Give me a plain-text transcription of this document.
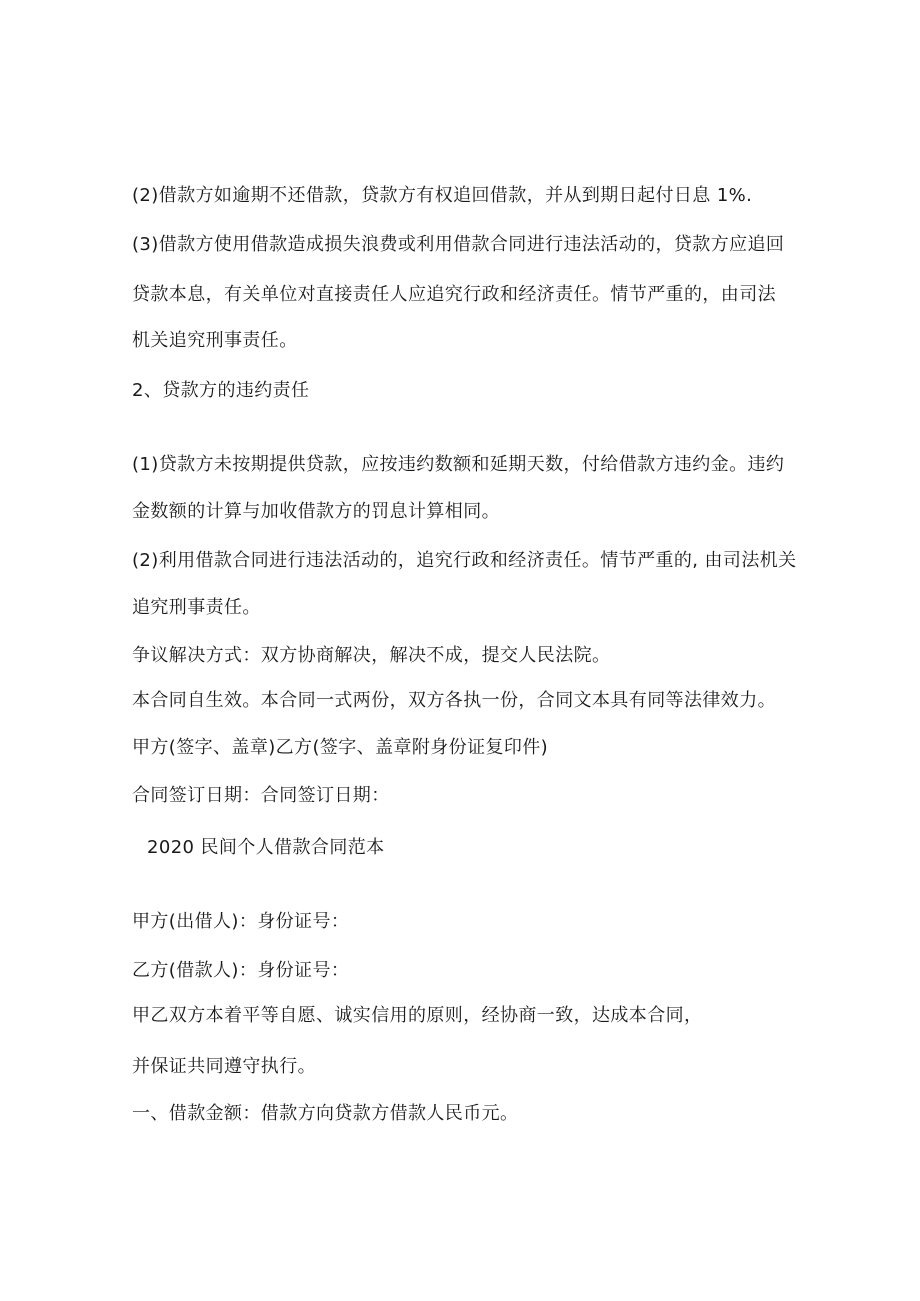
(2)借款方如逾期不还借款，贷款方有权追回借款，并从到期日起付日息 1%.
(3)借款方使用借款造成损失浪费或利用借款合同进行违法活动的，贷款方应追回
贷款本息，有关单位对直接责任人应追究行政和经济责任。情节严重的，由司法
机关追究刑事责任。
2、贷款方的违约责任
(1)贷款方未按期提供贷款，应按违约数额和延期天数，付给借款方违约金。违约
金数额的计算与加收借款方的罚息计算相同。
(2)利用借款合同进行违法活动的，追究行政和经济责任。情节严重的, 由司法机关
追究刑事责任。
争议解决方式：双方协商解决，解决不成，提交人民法院。
本合同自生效。本合同一式两份，双方各执一份，合同文本具有同等法律效力。
甲方(签字、盖章)乙方(签字、盖章附身份证复印件)
合同签订日期：合同签订日期：
2020 民间个人借款合同范本
甲方(出借人)：身份证号：
乙方(借款人)：身份证号：
甲乙双方本着平等自愿、诚实信用的原则，经协商一致，达成本合同，
并保证共同遵守执行。
一、借款金额：借款方向贷款方借款人民币元。
